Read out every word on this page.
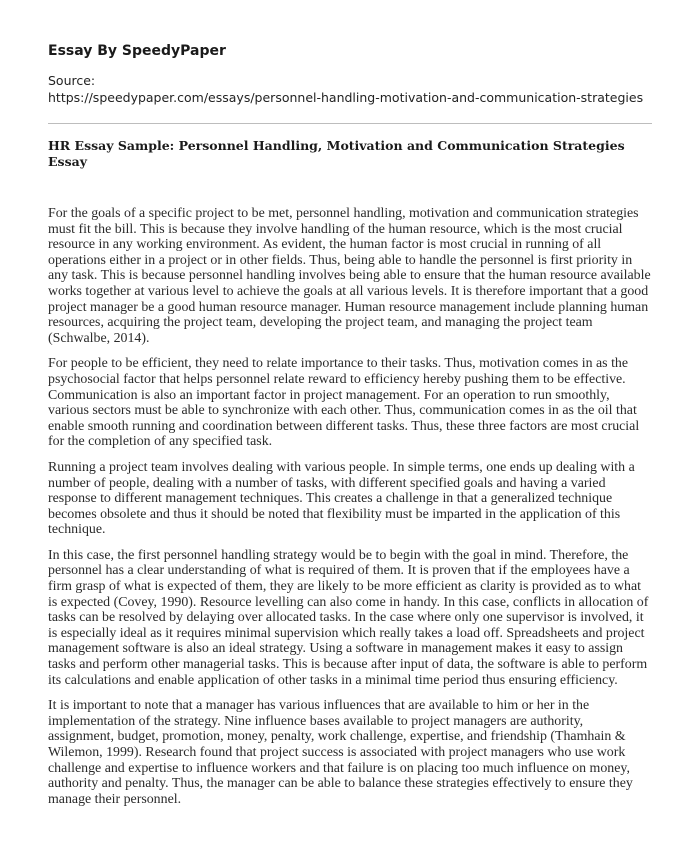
Essay By SpeedyPaper
Source:
https://speedypaper.com/essays/personnel-handling-motivation-and-communication-strategies
HR Essay Sample: Personnel Handling, Motivation and Communication Strategies Essay

For the goals of a specific project to be met, personnel handling, motivation and communication strategies must fit the bill. This is because they involve handling of the human resource, which is the most crucial resource in any working environment. As evident, the human factor is most crucial in running of all operations either in a project or in other fields. Thus, being able to handle the personnel is first priority in any task. This is because personnel handling involves being able to ensure that the human resource available works together at various level to achieve the goals at all various levels. It is therefore important that a good project manager be a good human resource manager. Human resource management include planning human resources, acquiring the project team, developing the project team, and managing the project team (Schwalbe, 2014).

For people to be efficient, they need to relate importance to their tasks. Thus, motivation comes in as the psychosocial factor that helps personnel relate reward to efficiency hereby pushing them to be effective. Communication is also an important factor in project management. For an operation to run smoothly, various sectors must be able to synchronize with each other. Thus, communication comes in as the oil that enable smooth running and coordination between different tasks. Thus, these three factors are most crucial for the completion of any specified task.

Running a project team involves dealing with various people. In simple terms, one ends up dealing with a number of people, dealing with a number of tasks, with different specified goals and having a varied response to different management techniques. This creates a challenge in that a generalized technique becomes obsolete and thus it should be noted that flexibility must be imparted in the application of this technique.

In this case, the first personnel handling strategy would be to begin with the goal in mind. Therefore, the personnel has a clear understanding of what is required of them. It is proven that if the employees have a firm grasp of what is expected of them, they are likely to be more efficient as clarity is provided as to what is expected (Covey, 1990). Resource levelling can also come in handy. In this case, conflicts in allocation of tasks can be resolved by delaying over allocated tasks. In the case where only one supervisor is involved, it is especially ideal as it requires minimal supervision which really takes a load off. Spreadsheets and project management software is also an ideal strategy. Using a software in management makes it easy to assign tasks and perform other managerial tasks. This is because after input of data, the software is able to perform its calculations and enable application of other tasks in a minimal time period thus ensuring efficiency.

It is important to note that a manager has various influences that are available to him or her in the implementation of the strategy. Nine influence bases available to project managers are authority, assignment, budget, promotion, money, penalty, work challenge, expertise, and friendship (Thamhain & Wilemon, 1999). Research found that project success is associated with project managers who use work challenge and expertise to influence workers and that failure is on placing too much influence on money, authority and penalty. Thus, the manager can be able to balance these strategies effectively to ensure they manage their personnel.
